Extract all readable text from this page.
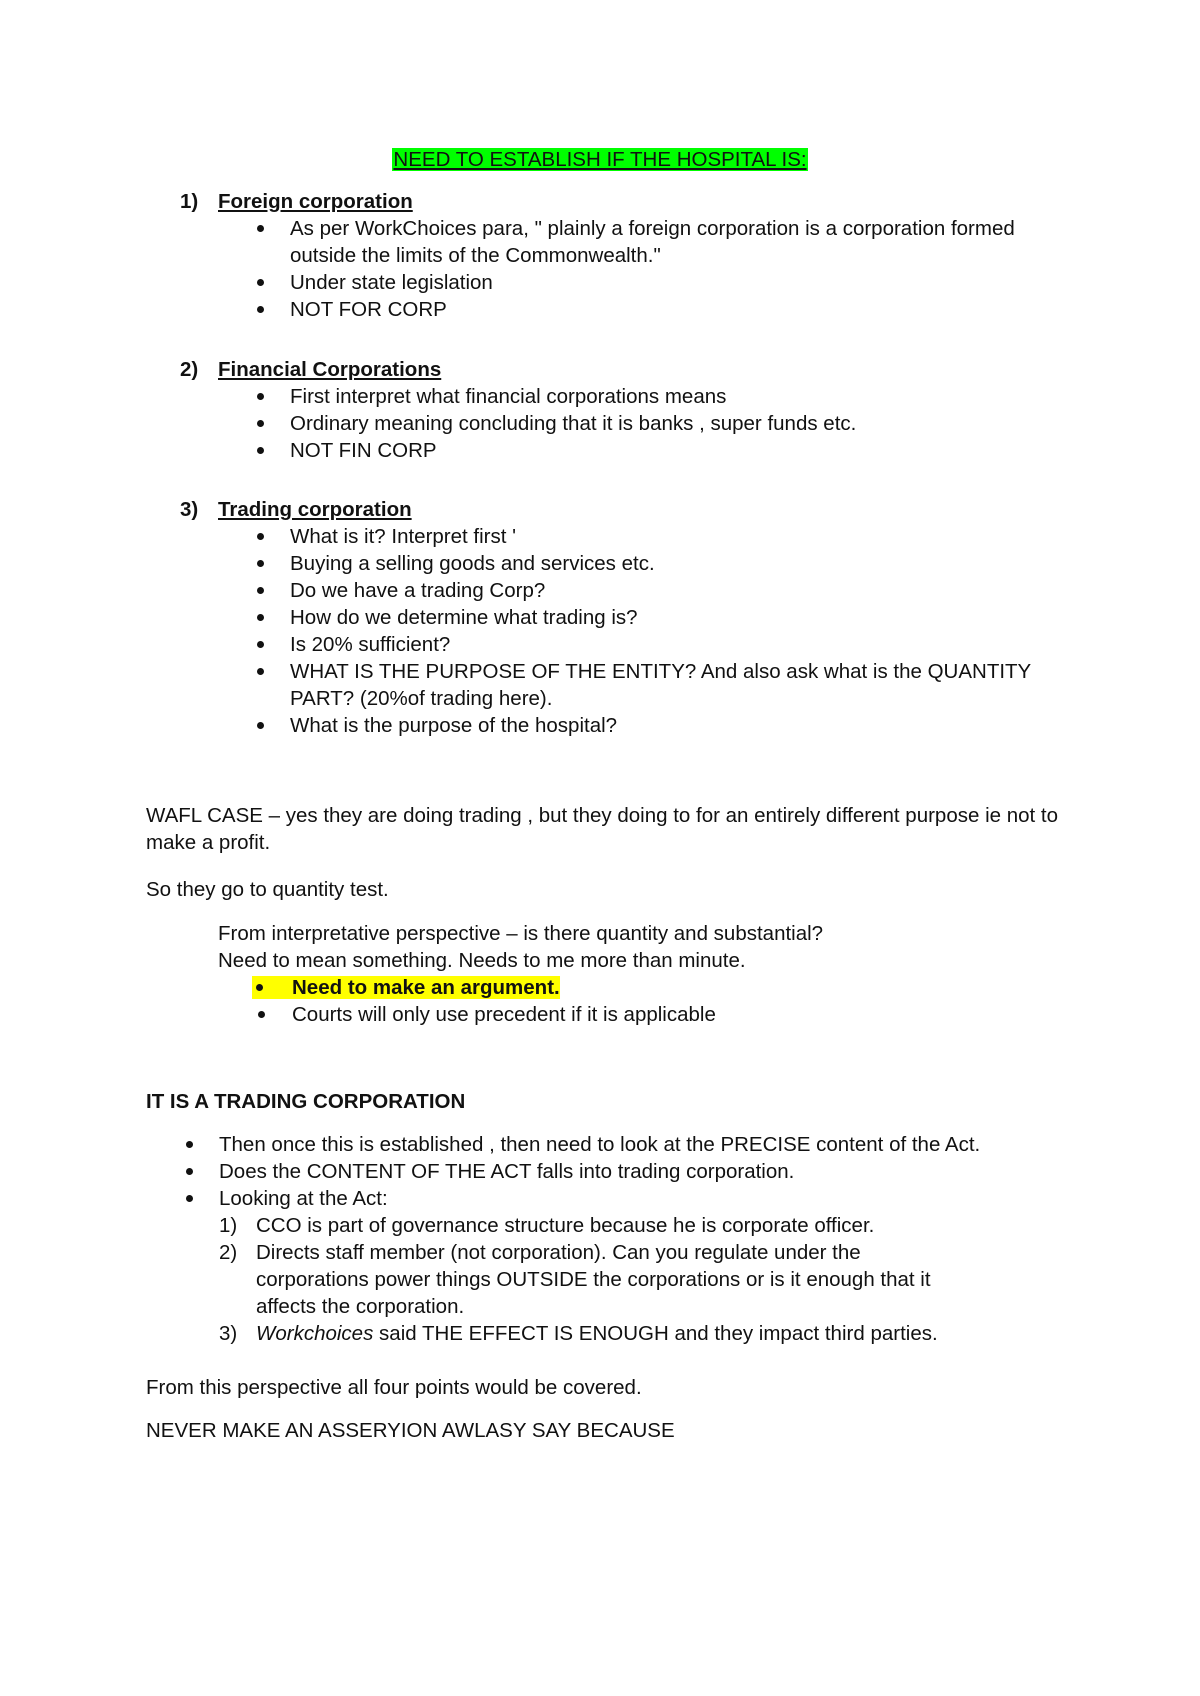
NEED TO ESTABLISH IF THE HOSPITAL IS:
1) Foreign corporation
As per WorkChoices para, " plainly a foreign corporation is a corporation formed outside the limits of the Commonwealth."
Under state legislation
NOT FOR CORP
2) Financial Corporations
First interpret what financial corporations means
Ordinary meaning concluding that it is banks , super funds etc.
NOT FIN CORP
3) Trading corporation
What is it? Interpret first '
Buying a selling goods and services etc.
Do we have a trading Corp?
How do we determine what trading is?
Is 20% sufficient?
WHAT IS THE PURPOSE OF THE ENTITY? And also ask what is the QUANTITY PART? (20%of trading here).
What is the purpose of the hospital?
WAFL CASE – yes they are doing trading , but they doing to for an entirely different purpose ie not to make a profit.
So they go to quantity test.
From interpretative perspective – is there quantity and substantial?
Need to mean something. Needs to me more than minute.
Need to make an argument.
Courts will only use precedent if it is applicable
IT IS A TRADING CORPORATION
Then once this is established , then need to look at the PRECISE content of the Act.
Does the CONTENT OF THE ACT falls into trading corporation.
Looking at the Act:
1) CCO is part of governance structure because he is corporate officer.
2) Directs staff member (not corporation). Can you regulate under the corporations power things OUTSIDE the corporations or is it enough that it affects the corporation.
3) Workchoices said THE EFFECT IS ENOUGH and they impact third parties.
From this perspective all four points would be covered.
NEVER MAKE AN ASSERYION AWLASY SAY BECAUSE
